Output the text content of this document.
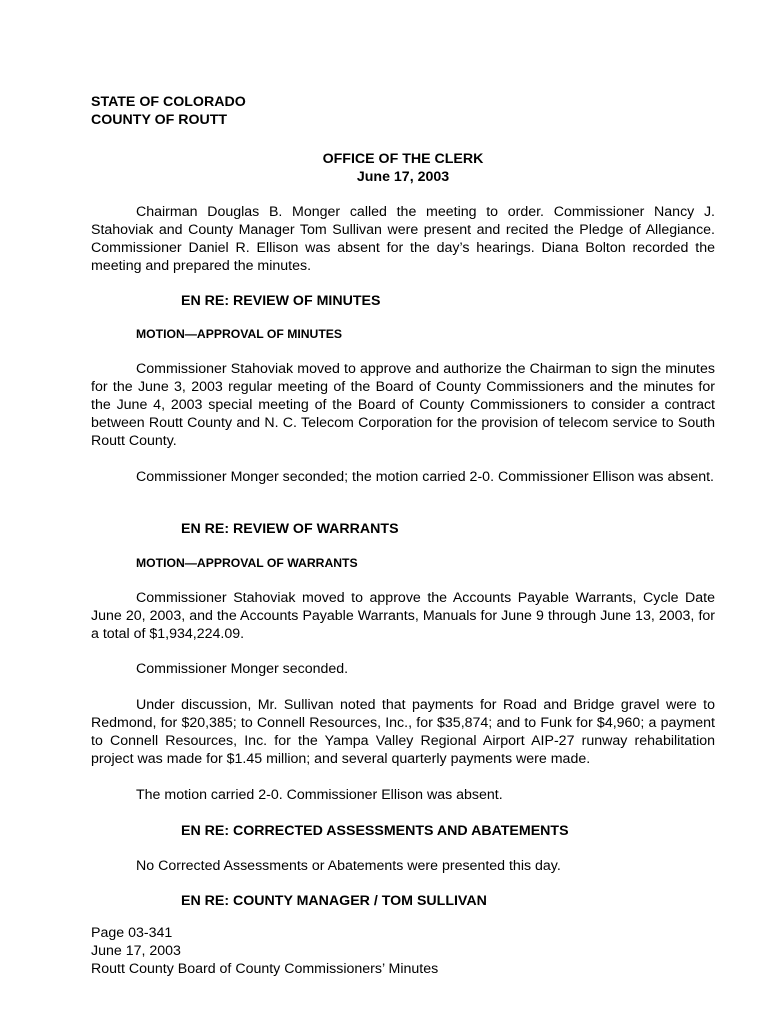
STATE OF COLORADO
COUNTY OF ROUTT
OFFICE OF THE CLERK
June 17, 2003

Chairman Douglas B. Monger called the meeting to order. Commissioner Nancy J. Stahoviak and County Manager Tom Sullivan were present and recited the Pledge of Allegiance. Commissioner Daniel R. Ellison was absent for the day’s hearings. Diana Bolton recorded the meeting and prepared the minutes.

EN RE: REVIEW OF MINUTES
MOTION—APPROVAL OF MINUTES

Commissioner Stahoviak moved to approve and authorize the Chairman to sign the minutes for the June 3, 2003 regular meeting of the Board of County Commissioners and the minutes for the June 4, 2003 special meeting of the Board of County Commissioners to consider a contract between Routt County and N. C. Telecom Corporation for the provision of telecom service to South Routt County.

Commissioner Monger seconded; the motion carried 2-0. Commissioner Ellison was absent.

EN RE: REVIEW OF WARRANTS
MOTION—APPROVAL OF WARRANTS

Commissioner Stahoviak moved to approve the Accounts Payable Warrants, Cycle Date June 20, 2003, and the Accounts Payable Warrants, Manuals for June 9 through June 13, 2003, for a total of $1,934,224.09.

Commissioner Monger seconded.

Under discussion, Mr. Sullivan noted that payments for Road and Bridge gravel were to Redmond, for $20,385; to Connell Resources, Inc., for $35,874; and to Funk for $4,960; a payment to Connell Resources, Inc. for the Yampa Valley Regional Airport AIP-27 runway rehabilitation project was made for $1.45 million; and several quarterly payments were made.

The motion carried 2-0. Commissioner Ellison was absent.
EN RE: CORRECTED ASSESSMENTS AND ABATEMENTS
No Corrected Assessments or Abatements were presented this day.
EN RE: COUNTY MANAGER / TOM SULLIVAN
Page 03-341
June 17, 2003
Routt County Board of County Commissioners’ Minutes
